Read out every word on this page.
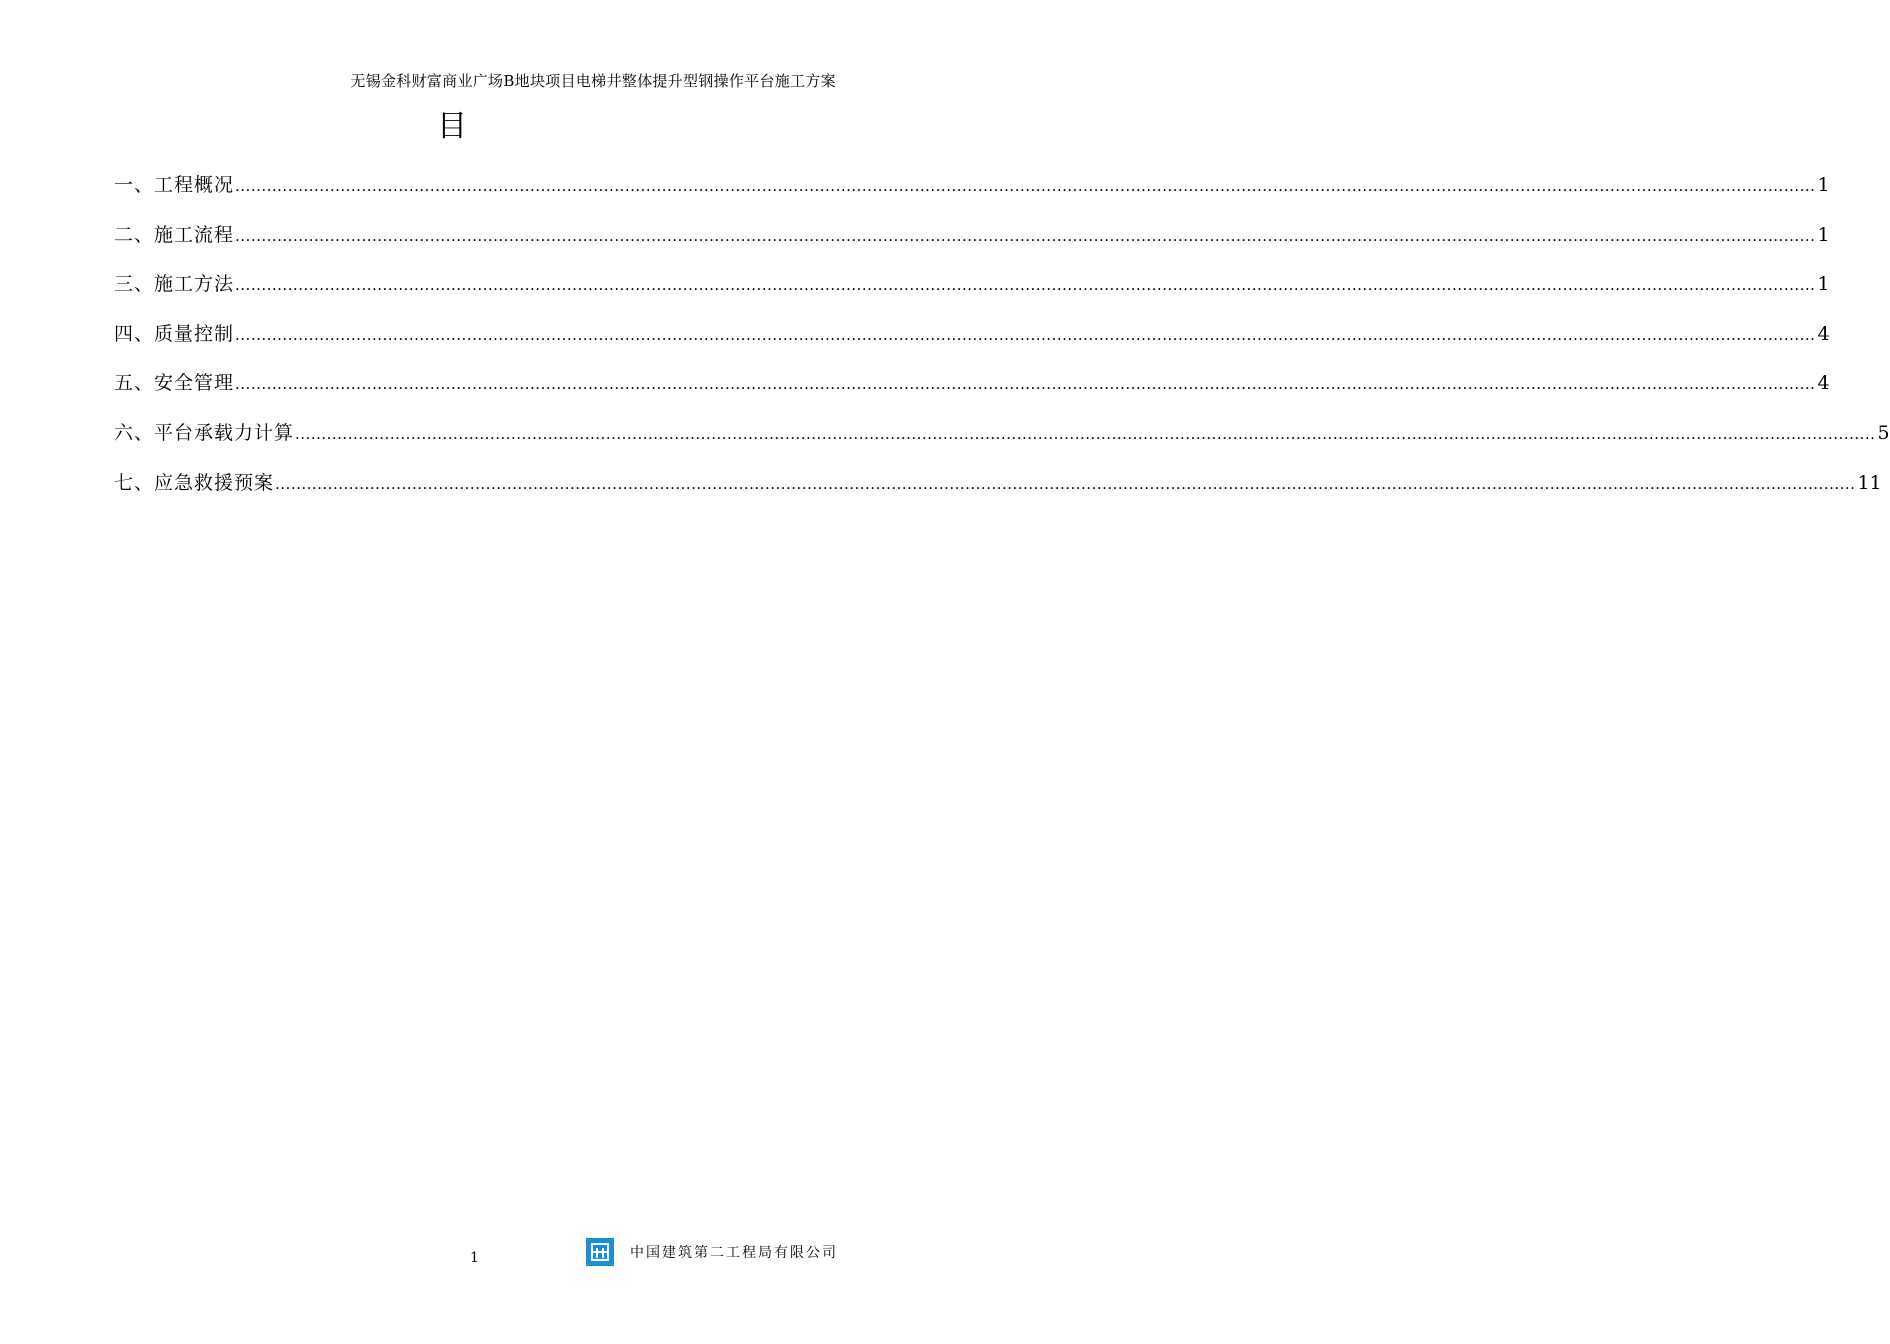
无锡金科财富商业广场B地块项目电梯井整体提升型钢操作平台施工方案
目
一、工程概况 ............................................................................................................................................................................................................................................................................................................ 1
二、施工流程 ............................................................................................................................................................................................................................................................................................................ 1
三、施工方法 ............................................................................................................................................................................................................................................................................................................ 1
四、质量控制 ............................................................................................................................................................................................................................................................................................................ 4
五、安全管理 ............................................................................................................................................................................................................................................................................................................ 4
六、平台承载力计算 ............................................................................................................................................................................................................................................................................................................ 5
七、应急救援预案 ............................................................................................................................................................................................................................................................................................................ 11
1	中国建筑第二工程局有限公司
